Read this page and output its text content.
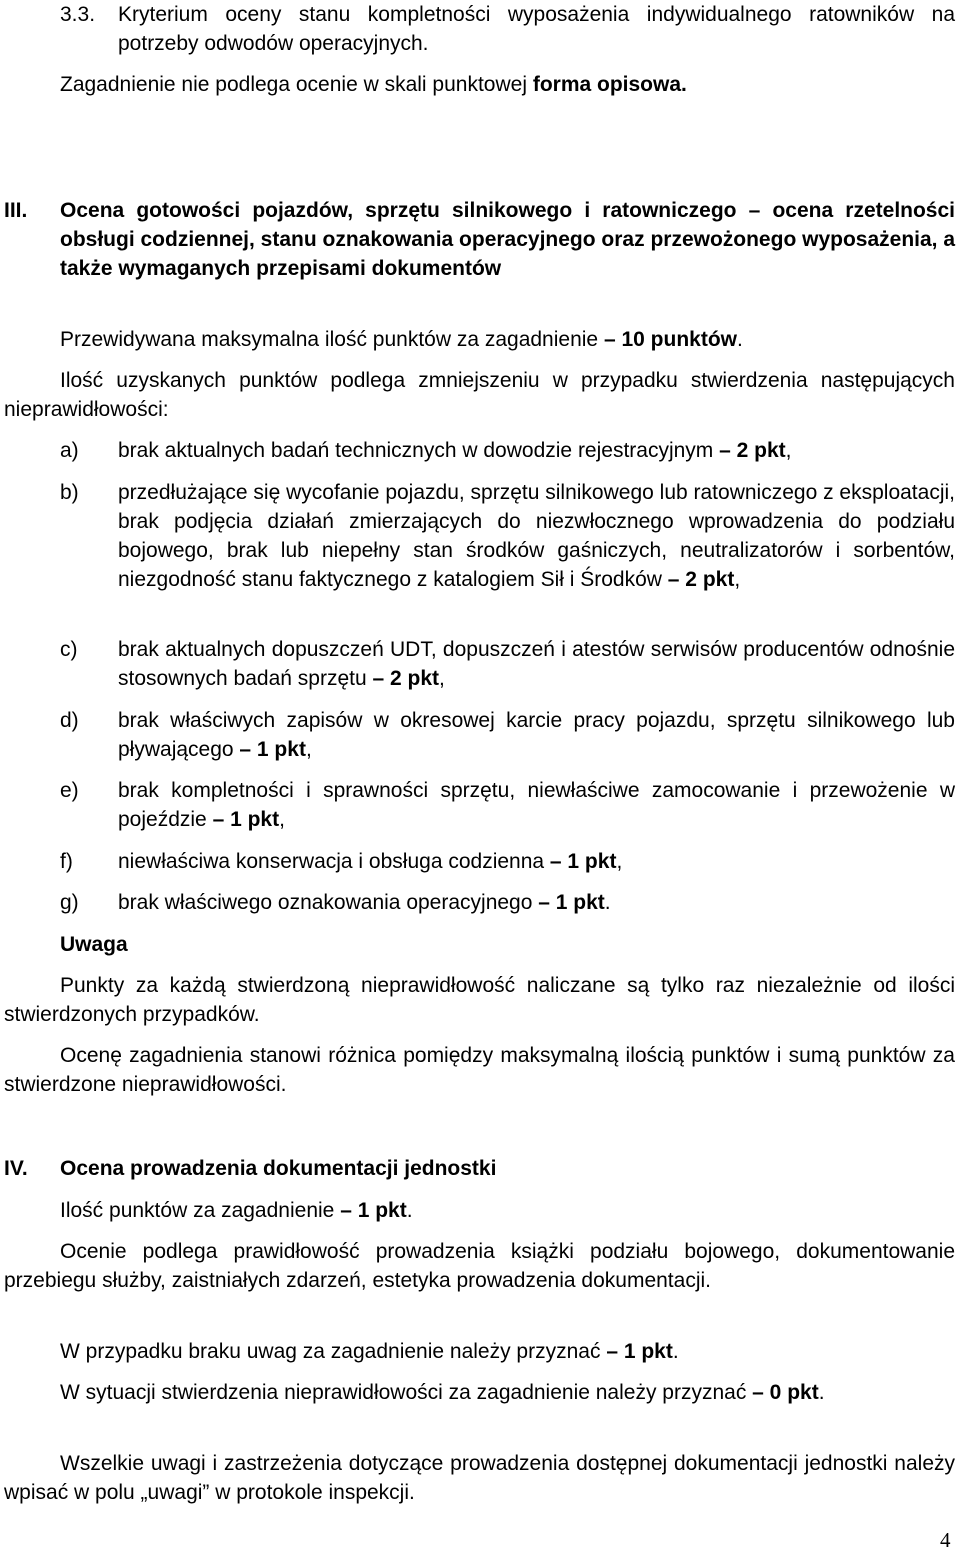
3.3. Kryterium oceny stanu kompletności wyposażenia indywidualnego ratowników na potrzeby odwodów operacyjnych.
Zagadnienie nie podlega ocenie w skali punktowej forma opisowa.
III. Ocena gotowości pojazdów, sprzętu silnikowego i ratowniczego – ocena rzetelności obsługi codziennej, stanu oznakowania operacyjnego oraz przewożonego wyposażenia, a także wymaganych przepisami dokumentów
Przewidywana maksymalna ilość punktów za zagadnienie – 10 punktów.
Ilość uzyskanych punktów podlega zmniejszeniu w przypadku stwierdzenia następujących nieprawidłowości:
a) brak aktualnych badań technicznych w dowodzie rejestracyjnym – 2 pkt,
b) przedłużające się wycofanie pojazdu, sprzętu silnikowego lub ratowniczego z eksploatacji, brak podjęcia działań zmierzających do niezwłocznego wprowadzenia do podziału bojowego, brak lub niepełny stan środków gaśniczych, neutralizatorów i sorbentów, niezgodność stanu faktycznego z katalogiem Sił i Środków – 2 pkt,
c) brak aktualnych dopuszczeń UDT, dopuszczeń i atestów serwisów producentów odnośnie stosownych badań sprzętu – 2 pkt,
d) brak właściwych zapisów w okresowej karcie pracy pojazdu, sprzętu silnikowego lub pływającego – 1 pkt,
e) brak kompletności i sprawności sprzętu, niewłaściwe zamocowanie i przewożenie w pojeździe – 1 pkt,
f) niewłaściwa konserwacja i obsługa codzienna – 1 pkt,
g) brak właściwego oznakowania operacyjnego – 1 pkt.
Uwaga
Punkty za każdą stwierdzoną nieprawidłowość naliczane są tylko raz niezależnie od ilości stwierdzonych przypadków.
Ocenę zagadnienia stanowi różnica pomiędzy maksymalną ilością punktów i sumą punktów za stwierdzone nieprawidłowości.
IV. Ocena prowadzenia dokumentacji jednostki
Ilość punktów za zagadnienie – 1 pkt.
Ocenie podlega prawidłowość prowadzenia książki podziału bojowego, dokumentowanie przebiegu służby, zaistniałych zdarzeń, estetyka prowadzenia dokumentacji.
W przypadku braku uwag za zagadnienie należy przyznać – 1 pkt.
W sytuacji stwierdzenia nieprawidłowości za zagadnienie należy przyznać – 0 pkt.
Wszelkie uwagi i zastrzeżenia dotyczące prowadzenia dostępnej dokumentacji jednostki należy wpisać w polu „uwagi” w protokole inspekcji.
4
